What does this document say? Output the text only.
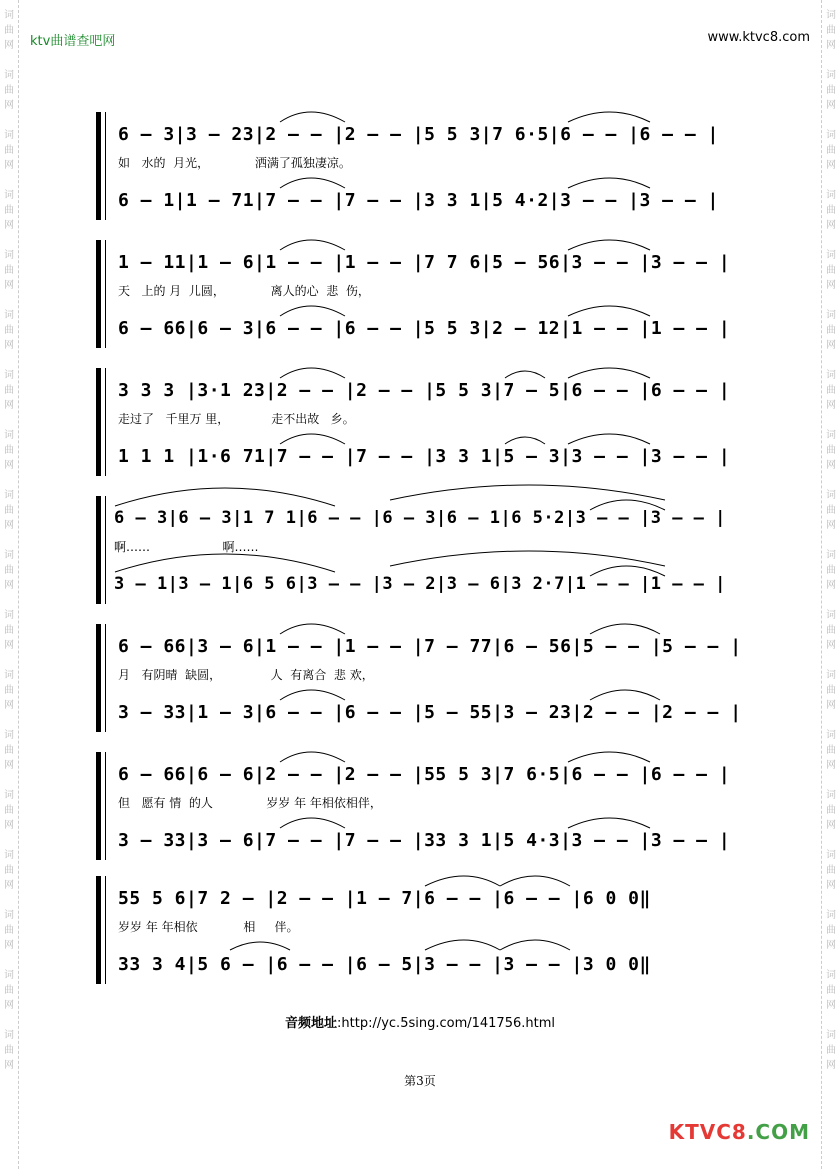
词
曲
网
词
曲
网
词
曲
网
词
曲
网
词
曲
网
词
曲
网
词
曲
网
词
曲
网
词
曲
网
词
曲
网
词
曲
网
词
曲
网
词
曲
网
词
曲
网
词
曲
网
词
曲
网
词
曲
网
词
曲
网
词
曲
网
词
曲
网
词
曲
网
词
曲
网
词
曲
网
词
曲
网
词
曲
网
词
曲
网
词
曲
网
词
曲
网
词
曲
网
词
曲
网
词
曲
网
词
曲
网
词
曲
网
词
曲
网
词
曲
网
词
曲
网
ktv曲谱查吧网	www.ktvc8.com
6 – 3|3 – 23|2 – – |2 – – |5 5 3|7 6·5|6 – – |6 – – |
如   水的  月光，            洒满了孤独凄凉。
6 – 1|1 – 71|7 – – |7 – – |3 3 1|5 4·2|3 – – |3 – – |
1 – 11|1 – 6|1 – – |1 – – |7 7 6|5 – 56|3 – – |3 – – |
天   上的 月  儿圆，            离人的心  悲  伤，
6 – 66|6 – 3|6 – – |6 – – |5 5 3|2 – 12|1 – – |1 – – |
3 3 3 |3·1 23|2 – – |2 – – |5 5 3|7 – 5|6 – – |6 – – |
走过了   千里万 里，           走不出故   乡。
1 1 1 |1·6 71|7 – – |7 – – |3 3 1|5 – 3|3 – – |3 – – |
6 – 3|6 – 3|1 7 1|6 – – |6 – 3|6 – 1|6 5·2|3 – – |3 – – |
啊……                   啊……
3 – 1|3 – 1|6 5 6|3 – – |3 – 2|3 – 6|3 2·7|1 – – |1 – – |
6 – 66|3 – 6|1 – – |1 – – |7 – 77|6 – 56|5 – – |5 – – |
月   有阴晴  缺圆，             人  有离合  悲 欢，
3 – 33|1 – 3|6 – – |6 – – |5 – 55|3 – 23|2 – – |2 – – |
6 – 66|6 – 6|2 – – |2 – – |55 5 3|7 6·5|6 – – |6 – – |
但   愿有 情  的人              岁岁 年 年相依相伴，
3 – 33|3 – 6|7 – – |7 – – |33 3 1|5 4·3|3 – – |3 – – |
55 5 6|7 2 – |2 – – |1 – 7|6 – – |6 – – |6 0 0‖
岁岁 年 年相依            相     伴。
33 3 4|5 6 – |6 – – |6 – 5|3 – – |3 – – |3 0 0‖
音频地址:http://yc.5sing.com/141756.html
第3页
KTVC8.COM
